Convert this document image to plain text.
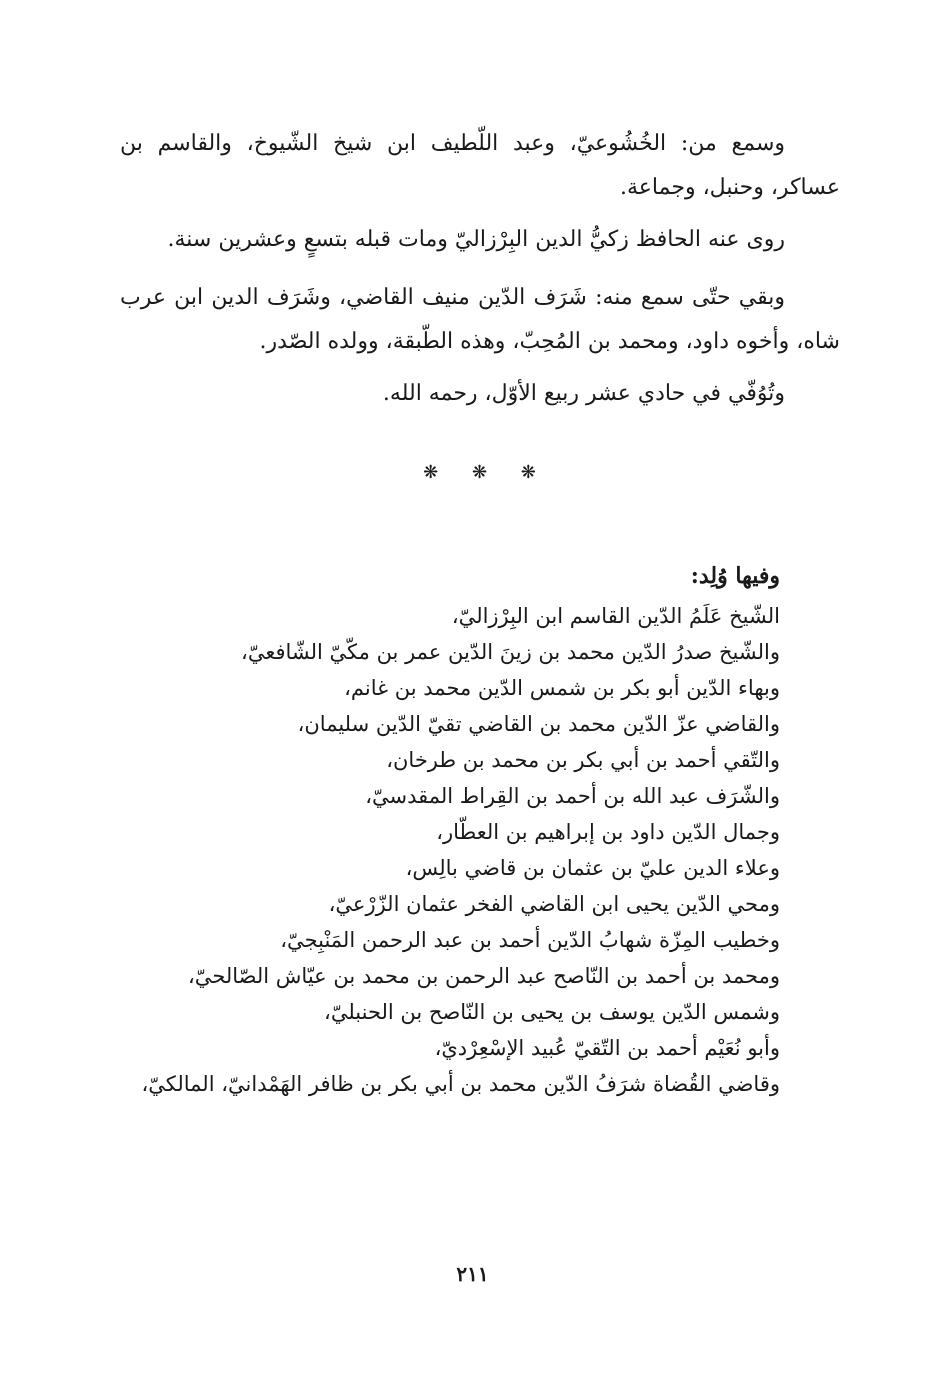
وسمع من: الخُشُوعيّ، وعبد اللّطيف ابن شيخ الشّيوخ، والقاسم بن عساكر، وحنبل، وجماعة.

روى عنه الحافظ زكيُّ الدين البِرْزاليّ ومات قبله بتسعٍ وعشرين سنة.

وبقي حتّى سمع منه: شَرَف الدّين منيف القاضي، وشَرَف الدين ابن عرب شاه، وأخوه داود، ومحمد بن المُحِبّ، وهذه الطّبقة، وولده الصّدر.

وتُوُفّي في حادي عشر ربيع الأوّل، رحمه الله.

❋ ❋ ❋
وفيها وُلِد:
الشّيخ عَلَمُ الدّين القاسم ابن البِرْزاليّ،
والشّيخ صدرُ الدّين محمد بن زينَ الدّين عمر بن مكّيّ الشّافعيّ،
وبهاء الدّين أبو بكر بن شمس الدّين محمد بن غانم،
والقاضي عزّ الدّين محمد بن القاضي تقيّ الدّين سليمان،
والتّقي أحمد بن أبي بكر بن محمد بن طرخان،
والشّرَف عبد الله بن أحمد بن القِراط المقدسيّ،
وجمال الدّين داود بن إبراهيم بن العطّار،
وعلاء الدين عليّ بن عثمان بن قاضي بالِس،
ومحي الدّين يحيى ابن القاضي الفخر عثمان الزّرْعيّ،
وخطيب المِزّة شهابُ الدّين أحمد بن عبد الرحمن المَنْبِجيّ،
ومحمد بن أحمد بن النّاصح عبد الرحمن بن محمد بن عيّاش الصّالحيّ،
وشمس الدّين يوسف بن يحيى بن النّاصح بن الحنبليّ،
وأبو نُعَيْم أحمد بن التّقيّ عُبيد الإسْعِرْديّ،
وقاضي القُضاة شرَفُ الدّين محمد بن أبي بكر بن ظافر الهَمْدانيّ، المالكيّ،
٢١١
